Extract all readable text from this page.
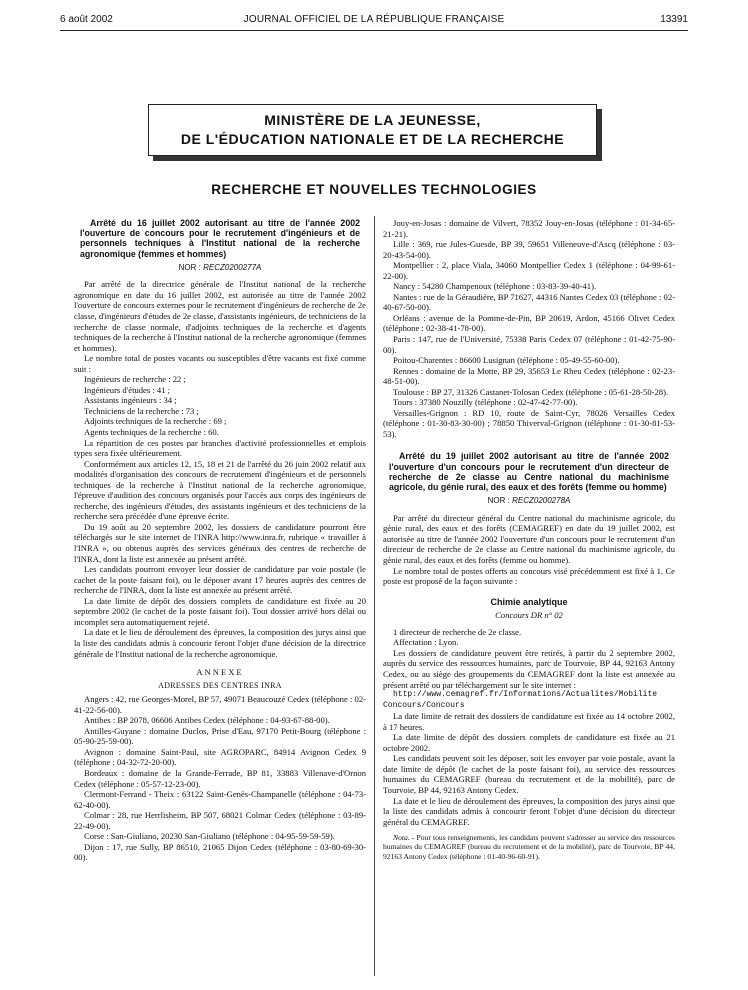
6 août 2002	JOURNAL OFFICIEL DE LA RÉPUBLIQUE FRANÇAISE	13391
MINISTÈRE DE LA JEUNESSE,
DE L'ÉDUCATION NATIONALE ET DE LA RECHERCHE
RECHERCHE ET NOUVELLES TECHNOLOGIES

Arrêté du 16 juillet 2002 autorisant au titre de l'année 2002 l'ouverture de concours pour le recrutement d'ingénieurs et de personnels techniques à l'Institut national de la recherche agronomique (femmes et hommes)

NOR : RECZ0200277A

Par arrêté de la directrice générale de l'Institut national de la recherche agronomique en date du 16 juillet 2002, est autorisée au titre de l'année 2002 l'ouverture de concours externes pour le recrutement d'ingénieurs de recherche de 2e classe, d'ingénieurs d'études de 2e classe, d'assistants ingénieurs, de techniciens de la recherche de classe normale, d'adjoints techniques de la recherche et d'agents techniques de la recherche à l'Institut national de la recherche agronomique (femmes et hommes).

Le nombre total de postes vacants ou susceptibles d'être vacants est fixé comme suit :

Ingénieurs de recherche : 22 ;
Ingénieurs d'études : 41 ;
Assistants ingénieurs : 34 ;
Techniciens de la recherche : 73 ;
Adjoints techniques de la recherche : 69 ;
Agents techniques de la recherche : 60.

La répartition de ces postes par branches d'activité professionnelles et emplois types sera fixée ultérieurement.

Conformément aux articles 12, 15, 18 et 21 de l'arrêté du 26 juin 2002 relatif aux modalités d'organisation des concours de recrutement d'ingénieurs et de personnels techniques de la recherche à l'Institut national de la recherche agronomique, l'épreuve d'audition des concours organisés pour l'accès aux corps des ingénieurs de recherche, des ingénieurs d'études, des assistants ingénieurs et des techniciens de la recherche sera précédée d'une épreuve écrite.

Du 19 août au 20 septembre 2002, les dossiers de candidature pourront être téléchargés sur le site internet de l'INRA http://www.inra.fr, rubrique « travailler à l'INRA », ou obtenus auprès des services généraux des centres de recherche de l'INRA, dont la liste est annexée au présent arrêté.

Les candidats pourront envoyer leur dossier de candidature par voie postale (le cachet de la poste faisant foi), ou le déposer avant 17 heures auprès des centres de recherche de l'INRA, dont la liste est annexée au présent arrêté.

La date limite de dépôt des dossiers complets de candidature est fixée au 20 septembre 2002 (le cachet de la poste faisant foi). Tout dossier arrivé hors délai ou incomplet sera automatiquement rejeté.

La date et le lieu de déroulement des épreuves, la composition des jurys ainsi que la liste des candidats admis à concourir feront l'objet d'une décision de la directrice générale de l'Institut national de la recherche agronomique.

ANNEXE
ADRESSES DES CENTRES INRA

Angers : 42, rue Georges-Morel, BP 57, 49071 Beaucouzé Cedex (téléphone : 02-41-22-56-00).

Antibes : BP 2078, 06606 Antibes Cedex (téléphone : 04-93-67-88-00).

Antilles-Guyane : domaine Duclos, Prise d'Eau, 97170 Petit-Bourg (téléphone : 05-90-25-59-00).

Avignon : domaine Saint-Paul, site AGROPARC, 84914 Avignon Cedex 9 (téléphone : 04-32-72-20-00).

Bordeaux : domaine de la Grande-Ferrade, BP 81, 33883 Villenave-d'Ornon Cedex (téléphone : 05-57-12-23-00).

Clermont-Ferrand - Theix : 63122 Saint-Genès-Champanelle (téléphone : 04-73-62-40-00).

Colmar : 28, rue Herrlisheim, BP 507, 68021 Colmar Cedex (téléphone : 03-89-22-49-00).

Corse : San-Giuliano, 20230 San-Giuliano (téléphone : 04-95-59-59-59).

Dijon : 17, rue Sully, BP 86510, 21065 Dijon Cedex (téléphone : 03-80-69-30-00).

Jouy-en-Josas : domaine de Vilvert, 78352 Jouy-en-Josas (téléphone : 01-34-65-21-21).

Lille : 369, rue Jules-Guesde, BP 39, 59651 Villeneuve-d'Ascq (téléphone : 03-20-43-54-00).

Montpellier : 2, place Viala, 34060 Montpellier Cedex 1 (téléphone : 04-99-61-22-00).

Nancy : 54280 Champenoux (téléphone : 03-83-39-40-41).

Nantes : rue de la Géraudière, BP 71627, 44316 Nantes Cedex 03 (téléphone : 02-40-67-50-00).

Orléans : avenue de la Pomme-de-Pin, BP 20619, Ardon, 45166 Olivet Cedex (téléphone : 02-38-41-78-00).

Paris : 147, rue de l'Université, 75338 Paris Cedex 07 (téléphone : 01-42-75-90-00).

Poitou-Charentes : 86600 Lusignan (téléphone : 05-49-55-60-00).

Rennes : domaine de la Motte, BP 29, 35653 Le Rheu Cedex (téléphone : 02-23-48-51-00).

Toulouse : BP 27, 31326 Castanet-Tolosan Cedex (téléphone : 05-61-28-50-28).

Tours : 37380 Nouzilly (téléphone : 02-47-42-77-00).

Versailles-Grignon : RD 10, route de Saint-Cyr, 78026 Versailles Cedex (téléphone : 01-30-83-30-00) ; 78850 Thiverval-Grignon (téléphone : 01-30-81-53-53).

Arrêté du 19 juillet 2002 autorisant au titre de l'année 2002 l'ouverture d'un concours pour le recrutement d'un directeur de recherche de 2e classe au Centre national du machinisme agricole, du génie rural, des eaux et des forêts (femme ou homme)

NOR : RECZ0200278A

Par arrêté du directeur général du Centre national du machinisme agricole, du génie rural, des eaux et des forêts (CEMAGREF) en date du 19 juillet 2002, est autorisée au titre de l'année 2002 l'ouverture d'un concours pour le recrutement d'un directeur de recherche de 2e classe au Centre national du machinisme agricole, du génie rural, des eaux et des forêts (femme ou homme).

Le nombre total de postes offerts au concours visé précédemment est fixé à 1. Ce poste est proposé de la façon suivante :

Chimie analytique
Concours DR n° 02

1 directeur de recherche de 2e classe.

Affectation : Lyon.

Les dossiers de candidature peuvent être retirés, à partir du 2 septembre 2002, auprès du service des ressources humaines, parc de Tourvoie, BP 44, 92163 Antony Cedex, ou au siège des groupements du CEMAGREF dont la liste est annexée au présent arrêté ou par téléchargement sur le site internet :

http://www.cemagref.fr/Informations/Actualites/Mobilite Concours/Concours

La date limite de retrait des dossiers de candidature est fixée au 14 octobre 2002, à 17 heures.

La date limite de dépôt des dossiers complets de candidature est fixée au 21 octobre 2002.

Les candidats peuvent soit les déposer, soit les envoyer par voie postale, avant la date limite de dépôt (le cachet de la poste faisant foi), au service des ressources humaines du CEMAGREF (bureau du recrutement et de la mobilité), parc de Tourvoie, BP 44, 92163 Antony Cedex.

La date et le lieu de déroulement des épreuves, la composition des jurys ainsi que la liste des candidats admis à concourir feront l'objet d'une décision du directeur général du CEMAGREF.

Nota. - Pour tous renseignements, les candidats peuvent s'adresser au service des ressources humaines du CEMAGREF (bureau du recrutement et de la mobilité), parc de Tourvoie, BP 44, 92163 Antony Cedex (téléphone : 01-40-96-60-91).
